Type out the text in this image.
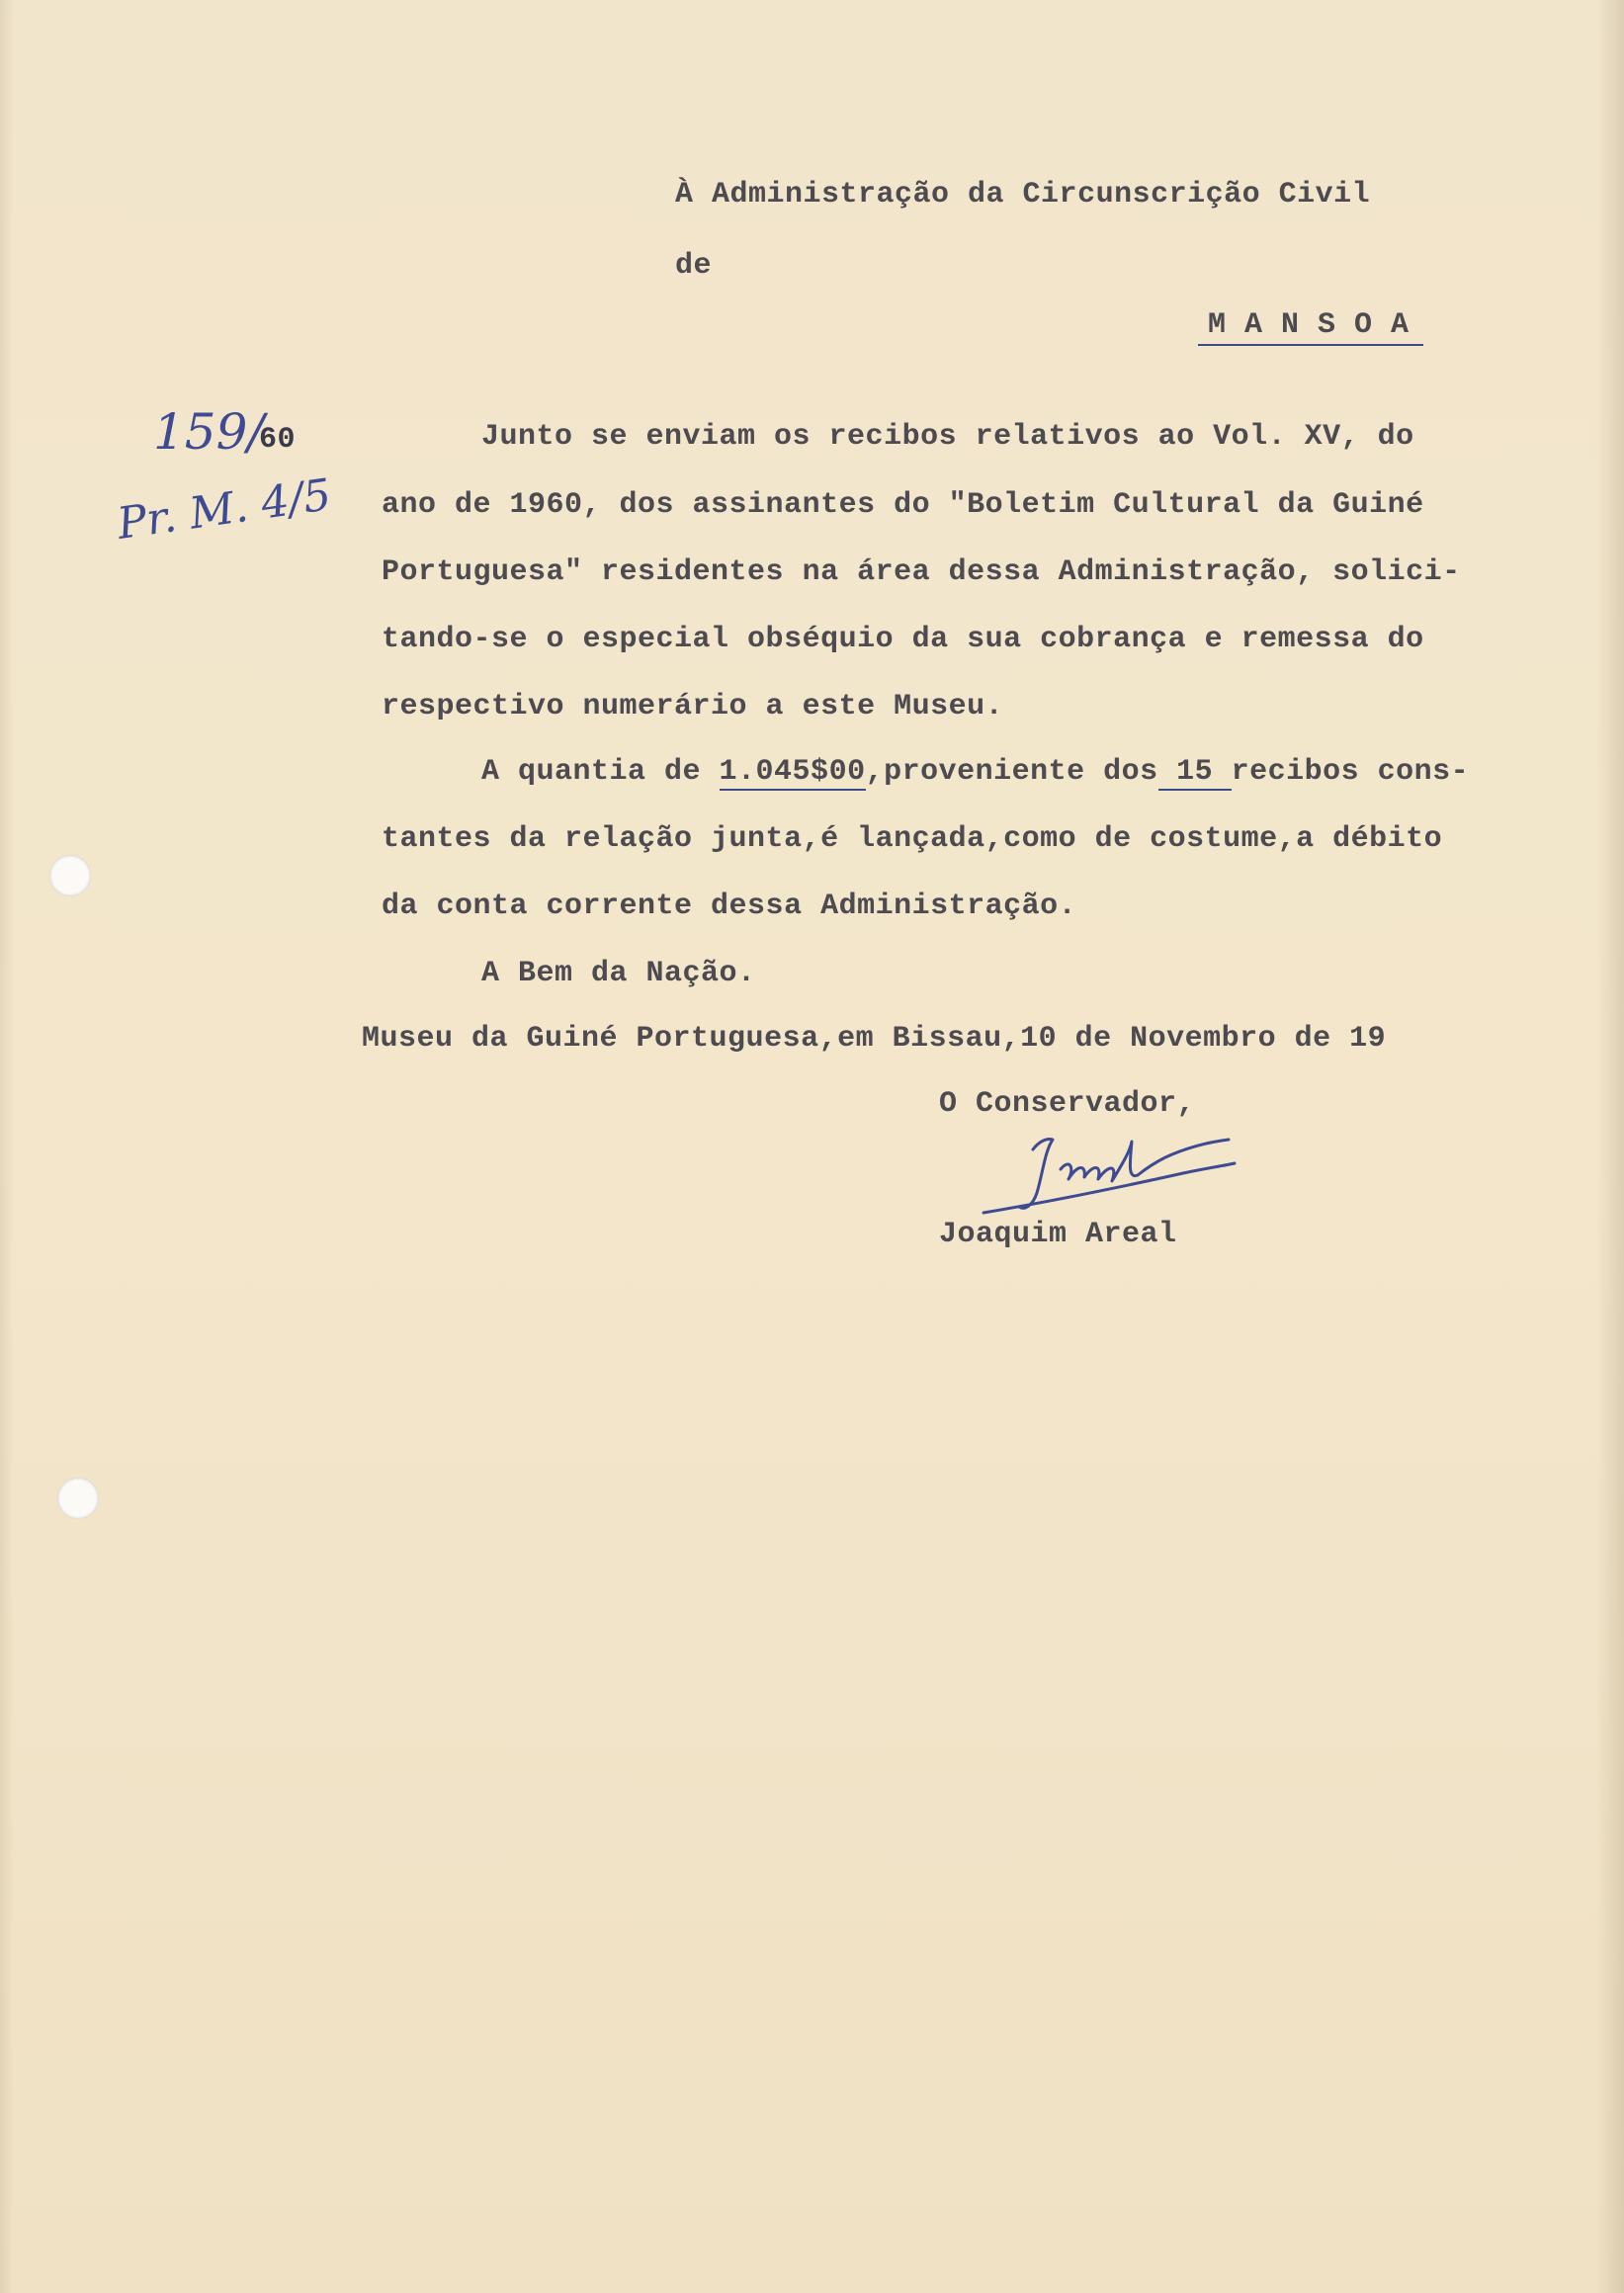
À Administração da Circunscrição Civil
de
M A N S O A
159/
60
Pr. M. 4/5
Junto se enviam os recibos relativos ao Vol. XV, do
ano de 1960, dos assinantes do "Boletim Cultural da Guiné
Portuguesa" residentes na área dessa Administração, solici-
tando-se o especial obséquio da sua cobrança e remessa do
respectivo numerário a este Museu.
A quantia de 1.045$00,proveniente dos 15 recibos cons-
tantes da relação junta,é lançada,como de costume,a débito
da conta corrente dessa Administração.
A Bem da Nação.
Museu da Guiné Portuguesa,em Bissau,10 de Novembro de 19
O Conservador,
Joaquim Areal
